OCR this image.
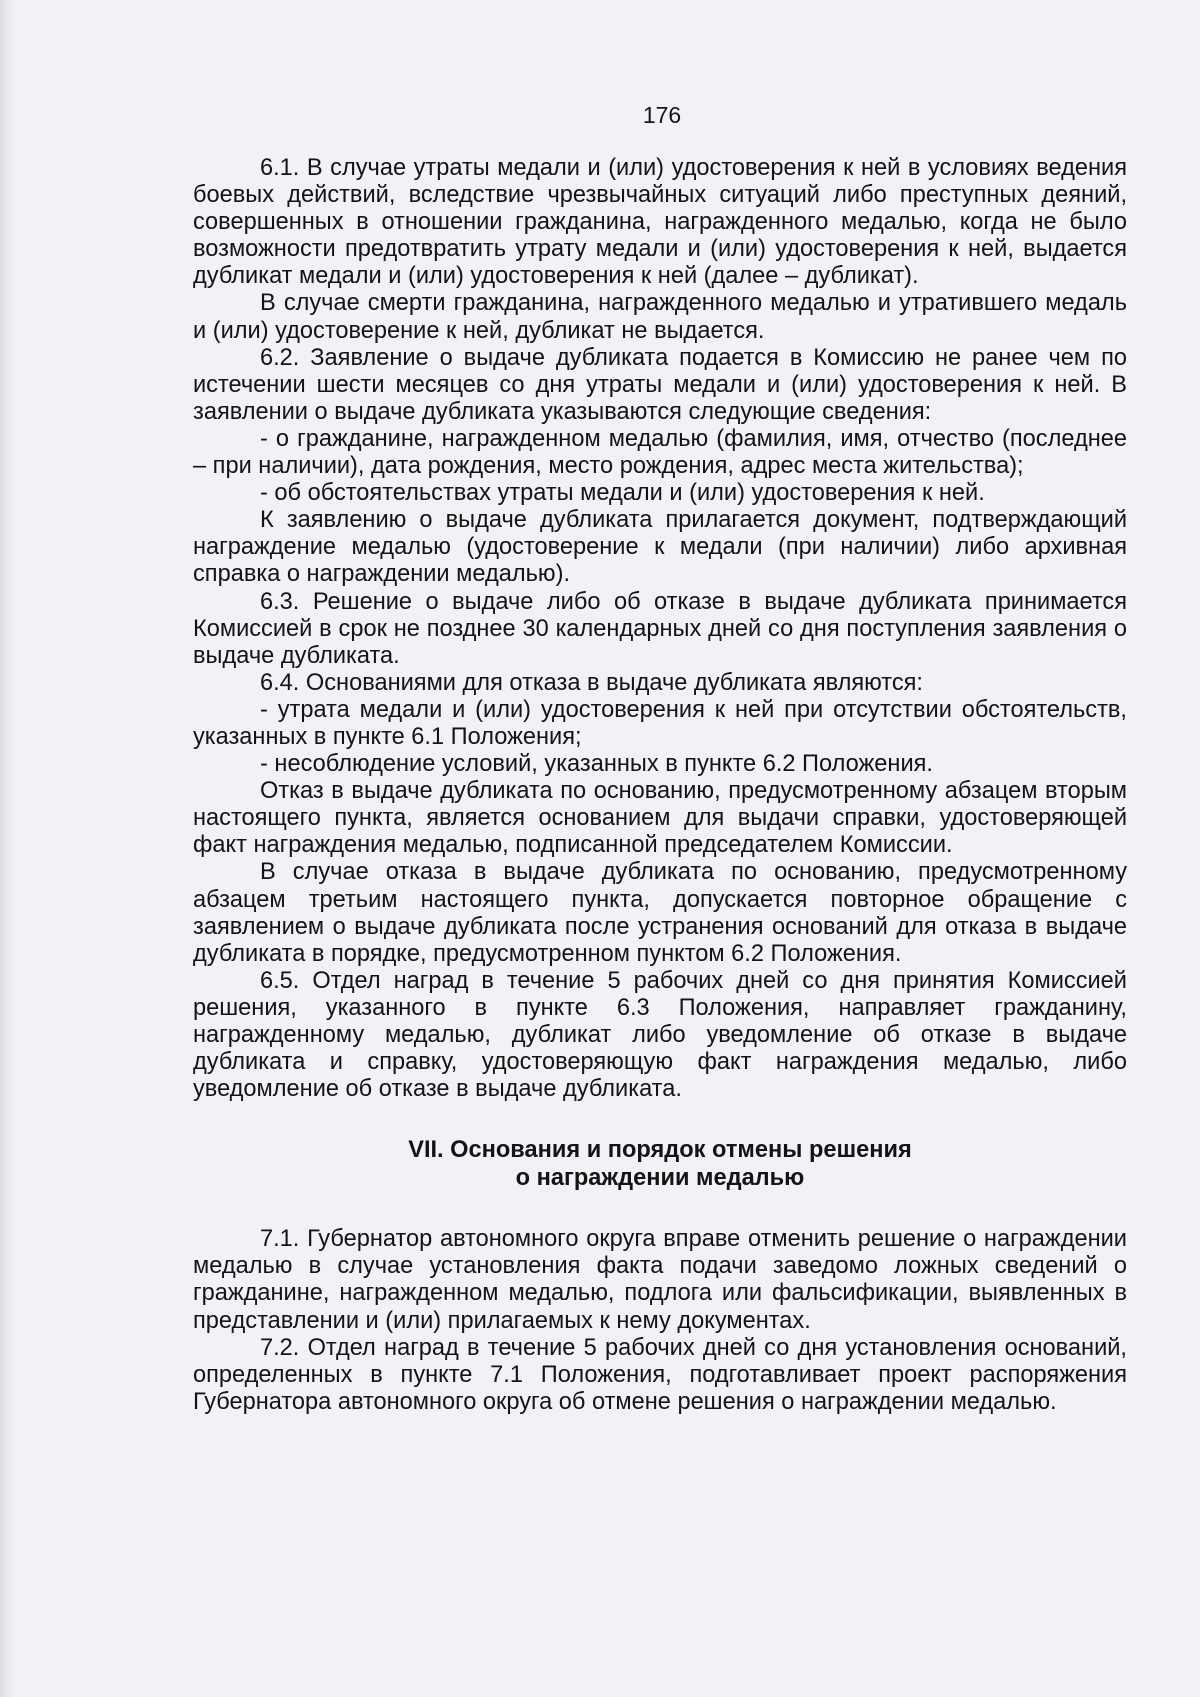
176

6.1. В случае утраты медали и (или) удостоверения к ней в условиях ведения боевых действий, вследствие чрезвычайных ситуаций либо преступных деяний, совершенных в отношении гражданина, награжденного медалью, когда не было возможности предотвратить утрату медали и (или) удостоверения к ней, выдается дубликат медали и (или) удостоверения к ней (далее – дубликат).

В случае смерти гражданина, награжденного медалью и утратившего медаль и (или) удостоверение к ней, дубликат не выдается.

6.2. Заявление о выдаче дубликата подается в Комиссию не ранее чем по истечении шести месяцев со дня утраты медали и (или) удостоверения к ней. В заявлении о выдаче дубликата указываются следующие сведения:

- о гражданине, награжденном медалью (фамилия, имя, отчество (последнее – при наличии), дата рождения, место рождения, адрес места жительства);

- об обстоятельствах утраты медали и (или) удостоверения к ней.

К заявлению о выдаче дубликата прилагается документ, подтверждающий награждение медалью (удостоверение к медали (при наличии) либо архивная справка о награждении медалью).

6.3. Решение о выдаче либо об отказе в выдаче дубликата принимается Комиссией в срок не позднее 30 календарных дней со дня поступления заявления о выдаче дубликата.

6.4. Основаниями для отказа в выдаче дубликата являются:

- утрата медали и (или) удостоверения к ней при отсутствии обстоятельств, указанных в пункте 6.1 Положения;

- несоблюдение условий, указанных в пункте 6.2 Положения.

Отказ в выдаче дубликата по основанию, предусмотренному абзацем вторым настоящего пункта, является основанием для выдачи справки, удостоверяющей факт награждения медалью, подписанной председателем Комиссии.

В случае отказа в выдаче дубликата по основанию, предусмотренному абзацем третьим настоящего пункта, допускается повторное обращение с заявлением о выдаче дубликата после устранения оснований для отказа в выдаче дубликата в порядке, предусмотренном пунктом 6.2 Положения.

6.5. Отдел наград в течение 5 рабочих дней со дня принятия Комиссией решения, указанного в пункте 6.3 Положения, направляет гражданину, награжденному медалью, дубликат либо уведомление об отказе в выдаче дубликата и справку, удостоверяющую факт награждения медалью, либо уведомление об отказе в выдаче дубликата.

VII. Основания и порядок отмены решения
о награждении медалью

7.1. Губернатор автономного округа вправе отменить решение о награждении медалью в случае установления факта подачи заведомо ложных сведений о гражданине, награжденном медалью, подлога или фальсификации, выявленных в представлении и (или) прилагаемых к нему документах.

7.2. Отдел наград в течение 5 рабочих дней со дня установления оснований, определенных в пункте 7.1 Положения, подготавливает проект распоряжения Губернатора автономного округа об отмене решения о награждении медалью.
